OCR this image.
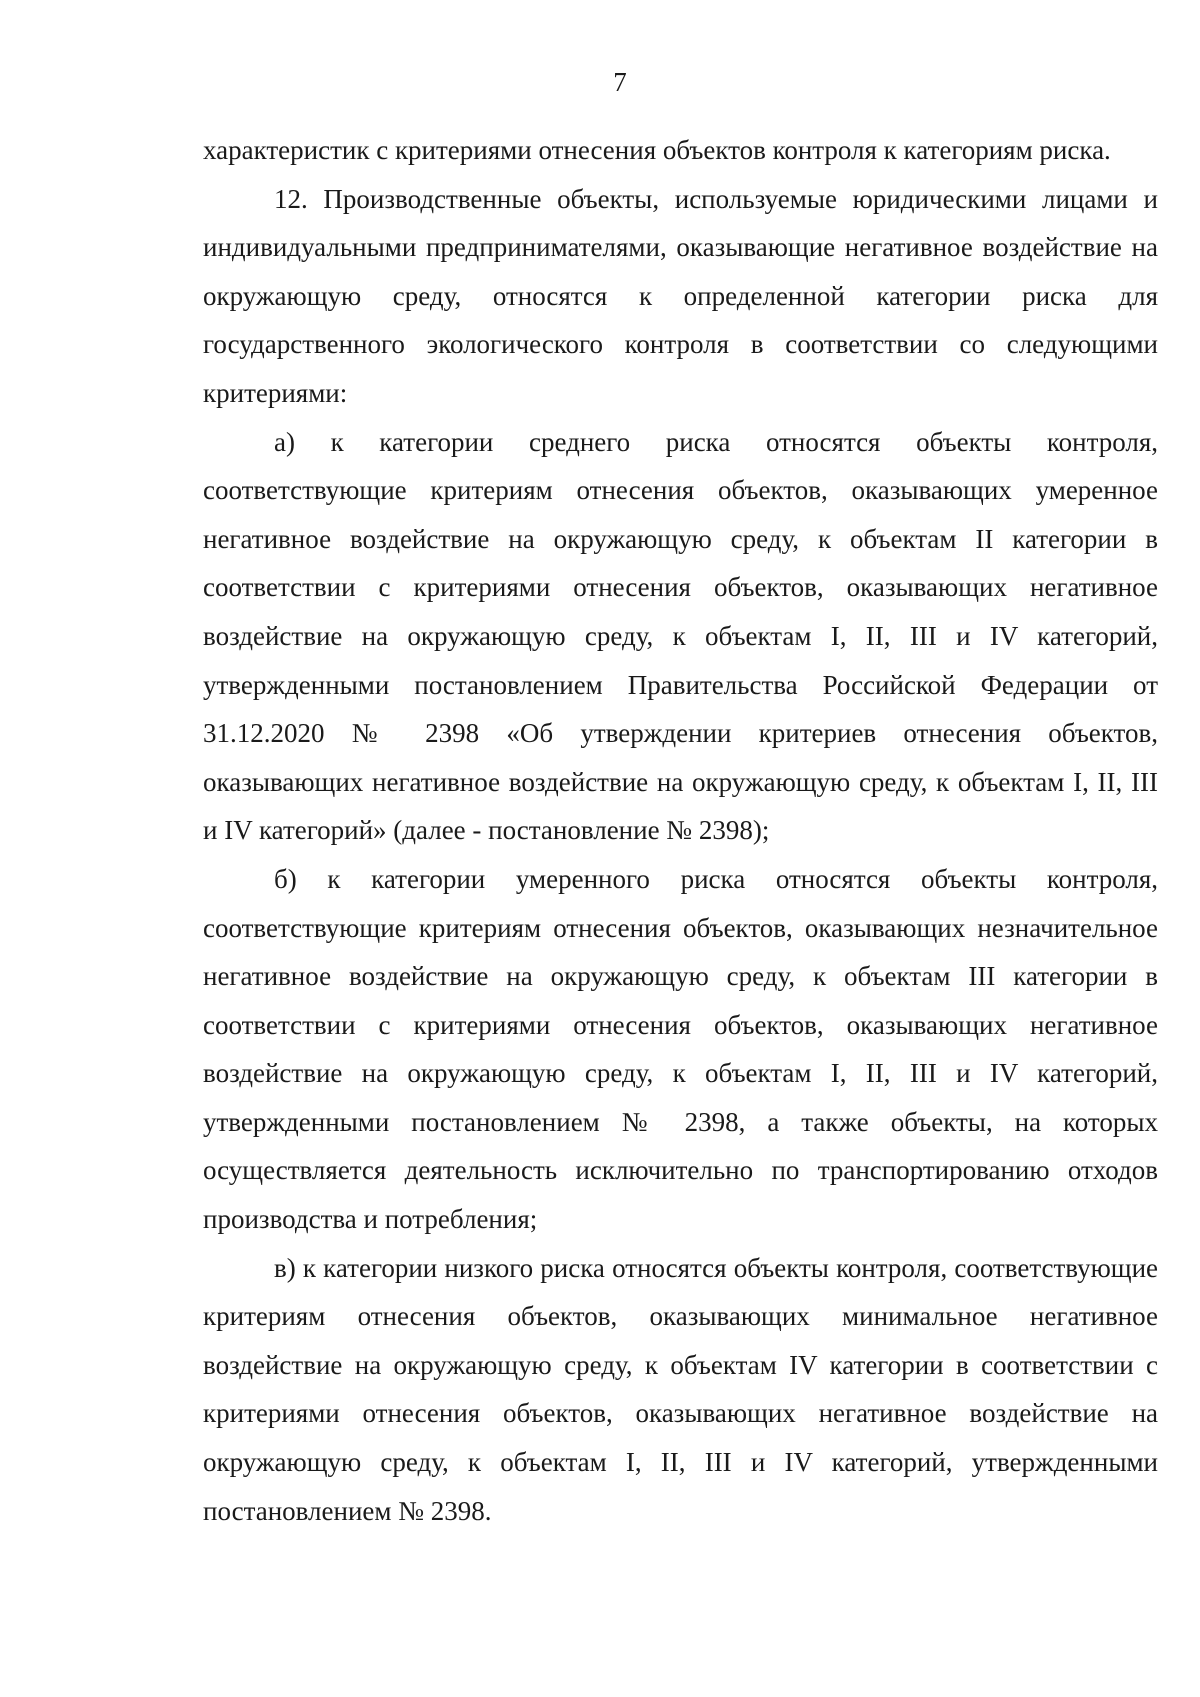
7

характеристик с критериями отнесения объектов контроля к категориям риска.

12. Производственные объекты, используемые юридическими лицами и индивидуальными предпринимателями, оказывающие негативное воздействие на окружающую среду, относятся к определенной категории риска для государственного экологического контроля в соответствии со следующими критериями:

а) к категории среднего риска относятся объекты контроля, соответствующие критериям отнесения объектов, оказывающих умеренное негативное воздействие на окружающую среду, к объектам II категории в соответствии с критериями отнесения объектов, оказывающих негативное воздействие на окружающую среду, к объектам I, II, III и IV категорий, утвержденными постановлением Правительства Российской Федерации от 31.12.2020 № 2398 «Об утверждении критериев отнесения объектов, оказывающих негативное воздействие на окружающую среду, к объектам I, II, III и IV категорий» (далее - постановление № 2398);

б) к категории умеренного риска относятся объекты контроля, соответствующие критериям отнесения объектов, оказывающих незначительное негативное воздействие на окружающую среду, к объектам III категории в соответствии с критериями отнесения объектов, оказывающих негативное воздействие на окружающую среду, к объектам I, II, III и IV категорий, утвержденными постановлением № 2398, а также объекты, на которых осуществляется деятельность исключительно по транспортированию отходов производства и потребления;

в) к категории низкого риска относятся объекты контроля, соответствующие критериям отнесения объектов, оказывающих минимальное негативное воздействие на окружающую среду, к объектам IV категории в соответствии с критериями отнесения объектов, оказывающих негативное воздействие на окружающую среду, к объектам I, II, III и IV категорий, утвержденными постановлением № 2398.
